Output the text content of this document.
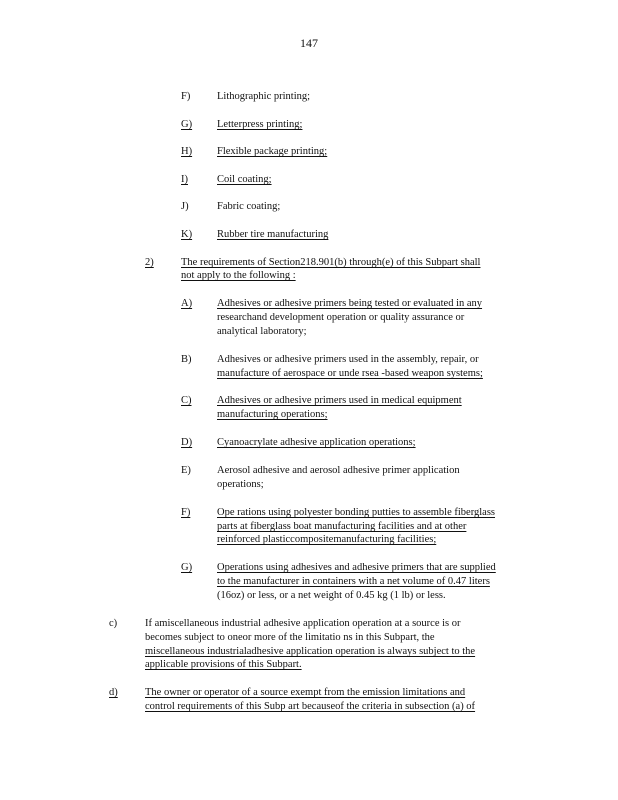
147
F)	Lithographic printing;
G) Letterpress printing;
H) Flexible package printing;
I)	Coil coating;
J)	Fabric coating;
K) Rubber tire manufacturing
2)	The requirements of Section218.901(b) through(e) of this Subpart shall
not apply to the following :
A) Adhesives or adhesive primers being tested or evaluated in any
researchand development operation or quality assurance or
analytical laboratory;
B) Adhesives or adhesive primers used in the assembly, repair, or
manufacture of aerospace or unde rsea -based weapon systems;
C) Adhesives or adhesive primers used in medical equipment
manufacturing operations;
D) Cyanoacrylate adhesive application operations;
E) Aerosol adhesive and aerosol adhesive primer application
operations;
F)	Ope rations using polyester bonding putties to assemble fiberglass
parts at fiberglass boat manufacturing facilities and at other
reinforced plasticcompositemanufacturing facilities;
G) Operations using adhesives and adhesive primers that are supplied
to the manufacturer in containers with a net volume of 0.47 liters
(16oz) or less, or a net weight of 0.45 kg (1 lb) or less.
c)	If amiscellaneous industrial adhesive application operation at a source is or
becomes subject to oneor more of the limitatio ns in this Subpart, the
miscellaneous industrialadhesive application operation is always subject to the
applicable provisions of this Subpart.
d)	The owner or operator of a source exempt from the emission limitations and
control requirements of this Subp art becauseof the criteria in subsection (a) of
